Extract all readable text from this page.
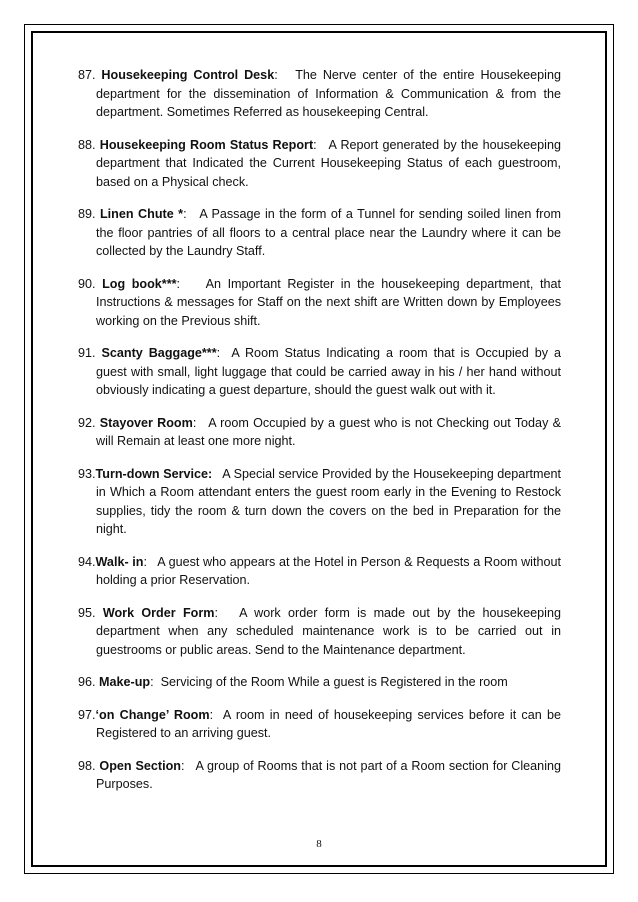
87. Housekeeping Control Desk:   The Nerve center of the entire Housekeeping department for the dissemination of Information & Communication & from the department. Sometimes Referred as housekeeping Central.

88. Housekeeping Room Status Report:   A Report generated by the housekeeping department that Indicated the Current Housekeeping Status of each guestroom, based on a Physical check.

89. Linen Chute *:   A Passage in the form of a Tunnel for sending soiled linen from the floor pantries of all floors to a central place near the Laundry where it can be collected by the Laundry Staff.

90. Log book***:    An Important Register in the housekeeping department, that Instructions & messages for Staff on the next shift are Written down by Employees working on the Previous shift.

91. Scanty Baggage***:  A Room Status Indicating a room that is Occupied by a guest with small, light luggage that could be carried away in his / her hand without obviously indicating a guest departure, should the guest walk out with it.

92. Stayover Room:   A room Occupied by a guest who is not Checking out Today & will Remain at least one more night.

93.Turn-down Service: A Special service Provided by the Housekeeping department in Which a Room attendant enters the guest room early in the Evening to Restock supplies, tidy the room & turn down the covers on the bed in Preparation for the night.

94.Walk- in:   A guest who appears at the Hotel in Person & Requests a Room without holding a prior Reservation.

95. Work Order Form:   A work order form is made out by the housekeeping department when any scheduled maintenance work is to be carried out in guestrooms or public areas. Send to the Maintenance department.

96. Make-up:  Servicing of the Room While a guest is Registered in the room

97.‘on Change’ Room:  A room in need of housekeeping services before it can be Registered to an arriving guest.

98. Open Section:   A group of Rooms that is not part of a Room section for Cleaning Purposes.

8
